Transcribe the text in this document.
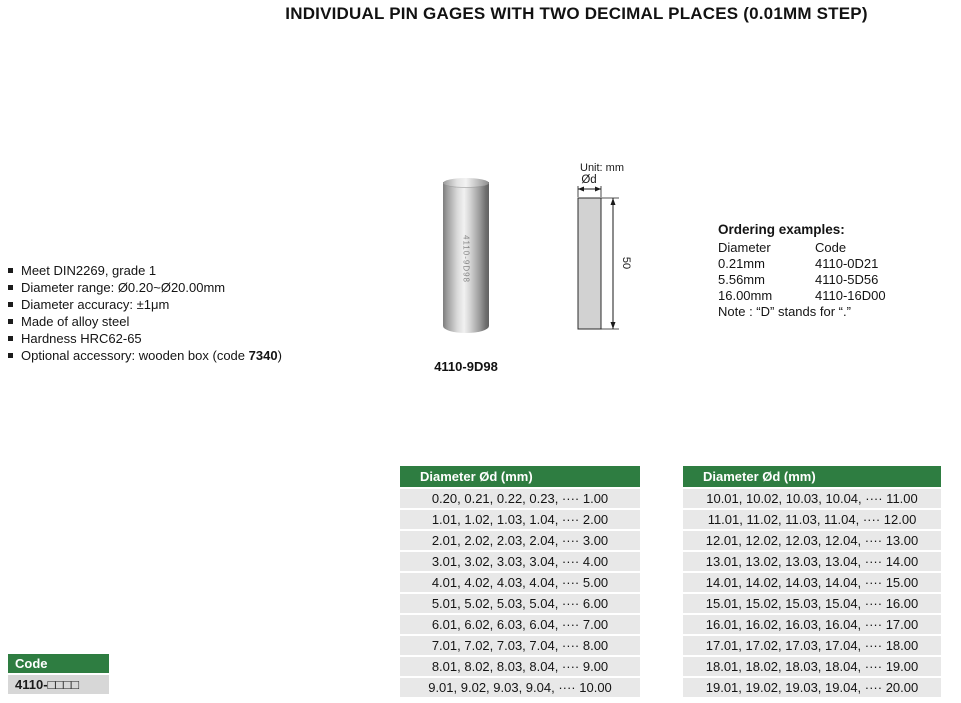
INDIVIDUAL PIN GAGES WITH TWO DECIMAL PLACES (0.01MM STEP)
Meet DIN2269, grade 1
Diameter range: Ø0.20~Ø20.00mm
Diameter accuracy: ±1μm
Made of alloy steel
Hardness HRC62-65
Optional accessory: wooden box (code 7340)
4110-9D98
4110-9D98
Unit: mm
Ød
50
Ordering examples:
Diameter	Code
0.21mm	4110-0D21
5.56mm	4110-5D56
16.00mm	4110-16D00
Note : “D” stands for “.”
Code
4110-□□□□
Diameter Ød (mm)
0.20, 0.21, 0.22, 0.23, ···· 1.00
1.01, 1.02, 1.03, 1.04, ···· 2.00
2.01, 2.02, 2.03, 2.04, ···· 3.00
3.01, 3.02, 3.03, 3.04, ···· 4.00
4.01, 4.02, 4.03, 4.04, ···· 5.00
5.01, 5.02, 5.03, 5.04, ···· 6.00
6.01, 6.02, 6.03, 6.04, ···· 7.00
7.01, 7.02, 7.03, 7.04, ···· 8.00
8.01, 8.02, 8.03, 8.04, ···· 9.00
9.01, 9.02, 9.03, 9.04, ···· 10.00
Diameter Ød (mm)
10.01, 10.02, 10.03, 10.04, ···· 11.00
11.01, 11.02, 11.03, 11.04, ···· 12.00
12.01, 12.02, 12.03, 12.04, ···· 13.00
13.01, 13.02, 13.03, 13.04, ···· 14.00
14.01, 14.02, 14.03, 14.04, ···· 15.00
15.01, 15.02, 15.03, 15.04, ···· 16.00
16.01, 16.02, 16.03, 16.04, ···· 17.00
17.01, 17.02, 17.03, 17.04, ···· 18.00
18.01, 18.02, 18.03, 18.04, ···· 19.00
19.01, 19.02, 19.03, 19.04, ···· 20.00
